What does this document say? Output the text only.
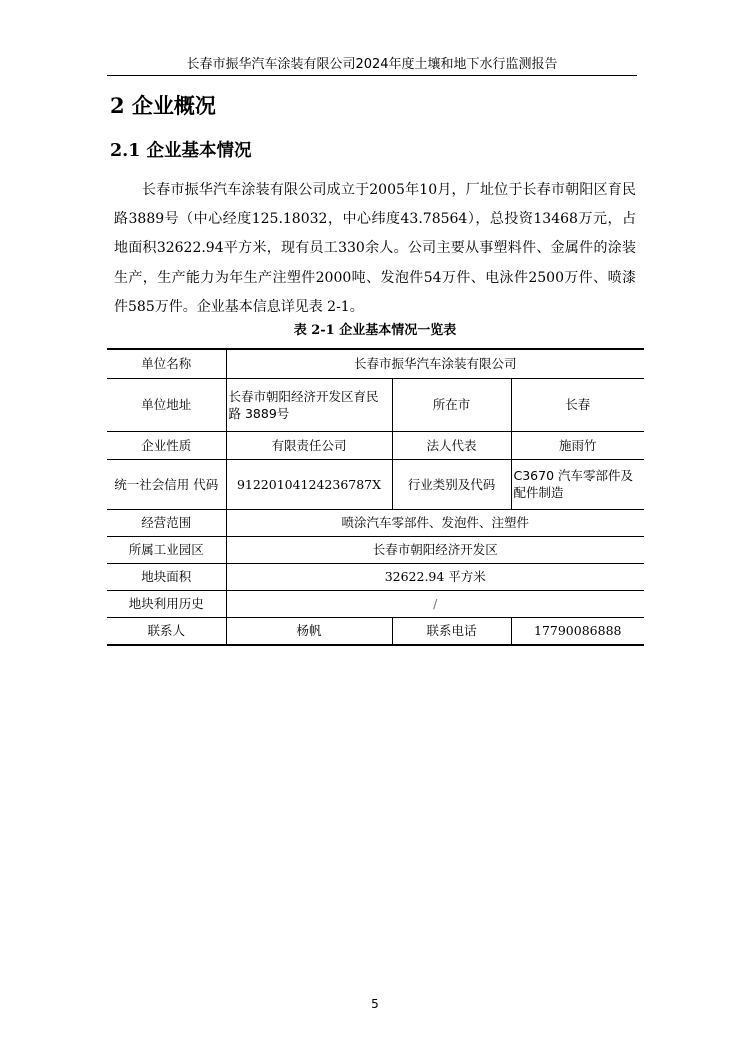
长春市振华汽车涂装有限公司2024年度土壤和地下水行监测报告
2 企业概况
2.1 企业基本情况

长春市振华汽车涂装有限公司成立于2005年10月，厂址位于长春市朝阳区育民路3889号（中心经度125.18032，中心纬度43.78564），总投资13468万元，占地面积32622.94平方米，现有员工330余人。公司主要从事塑料件、金属件的涂装生产，生产能力为年生产注塑件2000吨、发泡件54万件、电泳件2500万件、喷漆件585万件。企业基本信息详见表 2-1。

表 2-1 企业基本情况一览表
单位名称	长春市振华汽车涂装有限公司		
单位地址	长春市朝阳经济开发区育民路 3889号	所在市	长春
企业性质	有限责任公司	法人代表	施雨竹
统一社会信用 代码	91220104124236787X	行业类别及代码	C3670 汽车零部件及配件制造
经营范围	喷涂汽车零部件、发泡件、注塑件		
所属工业园区	长春市朝阳经济开发区		
地块面积	32622.94 平方米		
地块利用历史	/		
联系人	杨帆	联系电话	17790086888
5
